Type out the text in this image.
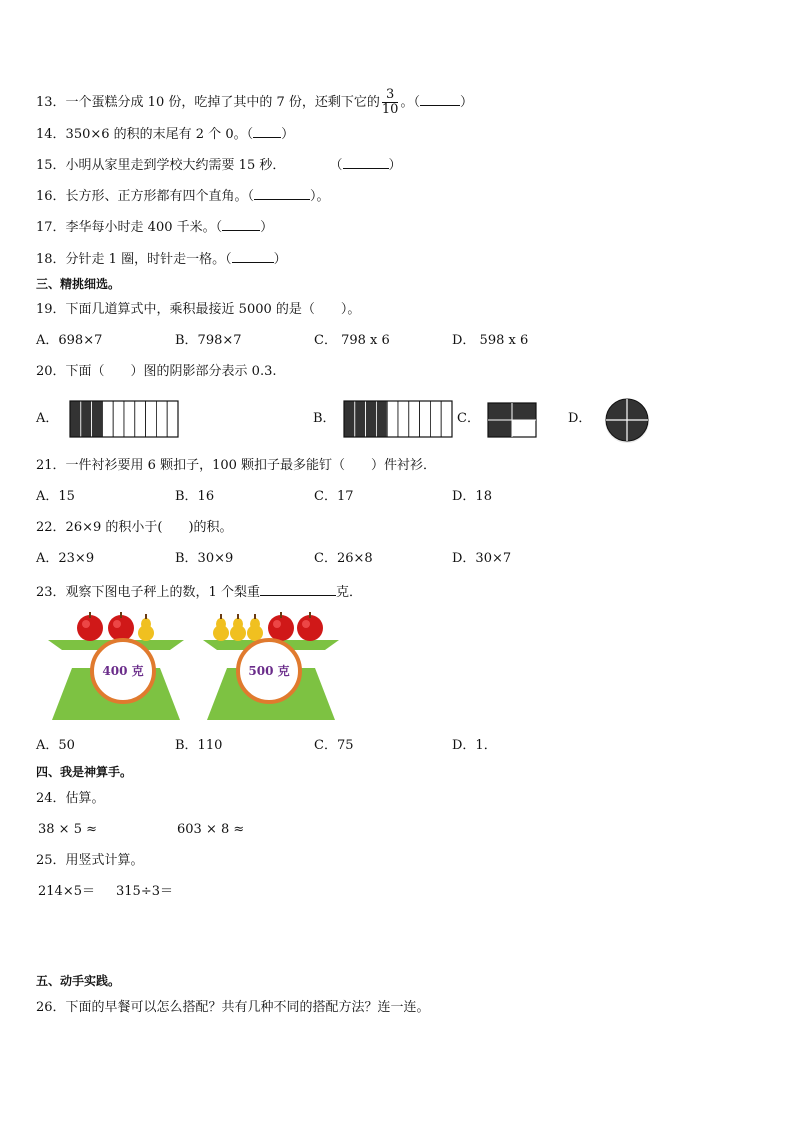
13．一个蛋糕分成 10 份，吃掉了其中的 7 份，还剩下它的 $\frac{3}{10}$ 。（	）
14．350×6 的积的末尾有 2 个 0。（ ）
15．小明从家里走到学校大约需要 15 秒．	（	）
16．长方形、正方形都有四个直角。（	）。
17．李华每小时走 400 千米。（	）
18．分针走 1 圈，时针走一格。（	）
三、精挑细选。
19．下面几道算式中，乘积最接近 5000 的是（　　）。
A．698×7	B．798×7	C． 798 x 6	D． 598 x 6
20．下面（　　）图的阴影部分表示 0.3.
A．	B．	C．	D．
21．一件衬衫要用 6 颗扣子，100 颗扣子最多能钉（　　）件衬衫．
A．15	B．16	C．17	D．18
22．26×9 的积小于(　　)的积。
A．23×9	B．30×9	C．26×8	D．30×7
23．观察下图电子秤上的数，1 个梨重	克．
400 克	500 克
A．50	B．110	C．75	D．1．
四、我是神算手。
24．估算。
38 × 5 ≈	603 × 8 ≈
25．用竖式计算。
214×5＝ 315÷3＝
五、动手实践。
26．下面的早餐可以怎么搭配？共有几种不同的搭配方法？连一连。
